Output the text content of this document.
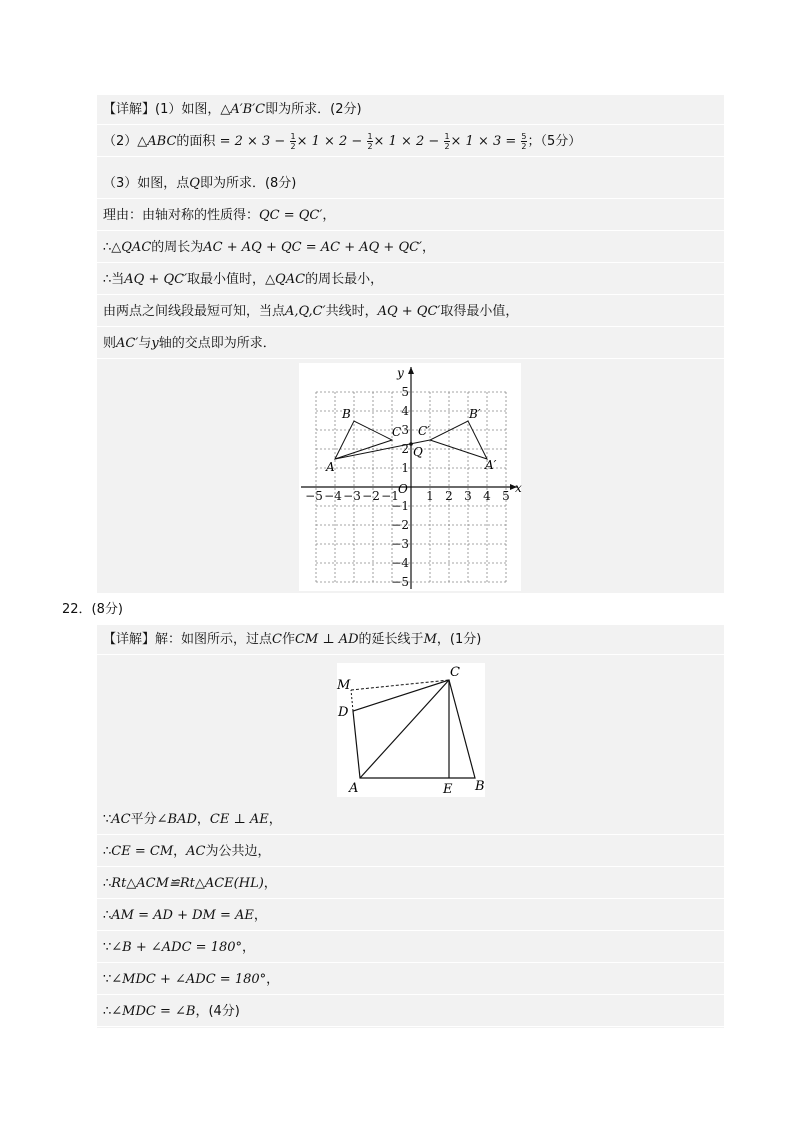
【详解】(1）如图，△A′B′C即为所求．(2分)
（2）△ABC的面积 = $2 \times 3 - \frac{1}{2} \times 1 \times 2 - \frac{1}{2} \times 1 \times 2 - \frac{1}{2} \times 1 \times 3 = \frac{5}{2}$ ；（5分）
（3）如图，点Q即为所求．(8分)
理由：由轴对称的性质得：QC = QC′，
∴△QAC的周长为AC + AQ + QC = AC + AQ + QC′，
∴当AQ + QC′取最小值时，△QAC的周长最小，
由两点之间线段最短可知，当点A,Q,C′共线时，AQ + QC′取得最小值，
则AC′与y轴的交点即为所求．
−5 −4 −3 −2 −1 1 2 3 4 5
5
4
3
2
1
−1
−2
−3
−4
−5
x
y
O
A
B
C
A′
B′
C′
Q
22．(8分)
【详解】解：如图所示，过点C作CM ⊥ AD的延长线于M，(1分)
M
D
C
A	E B
∵AC平分∠BAD，CE ⊥ AE，
∴CE = CM，AC为公共边，
∴Rt△ACM≌Rt△ACE(HL)，
∴AM = AD + DM = AE，
∵∠B + ∠ADC = 180°，
∵∠MDC + ∠ADC = 180°，
∴∠MDC = ∠B，(4分)
